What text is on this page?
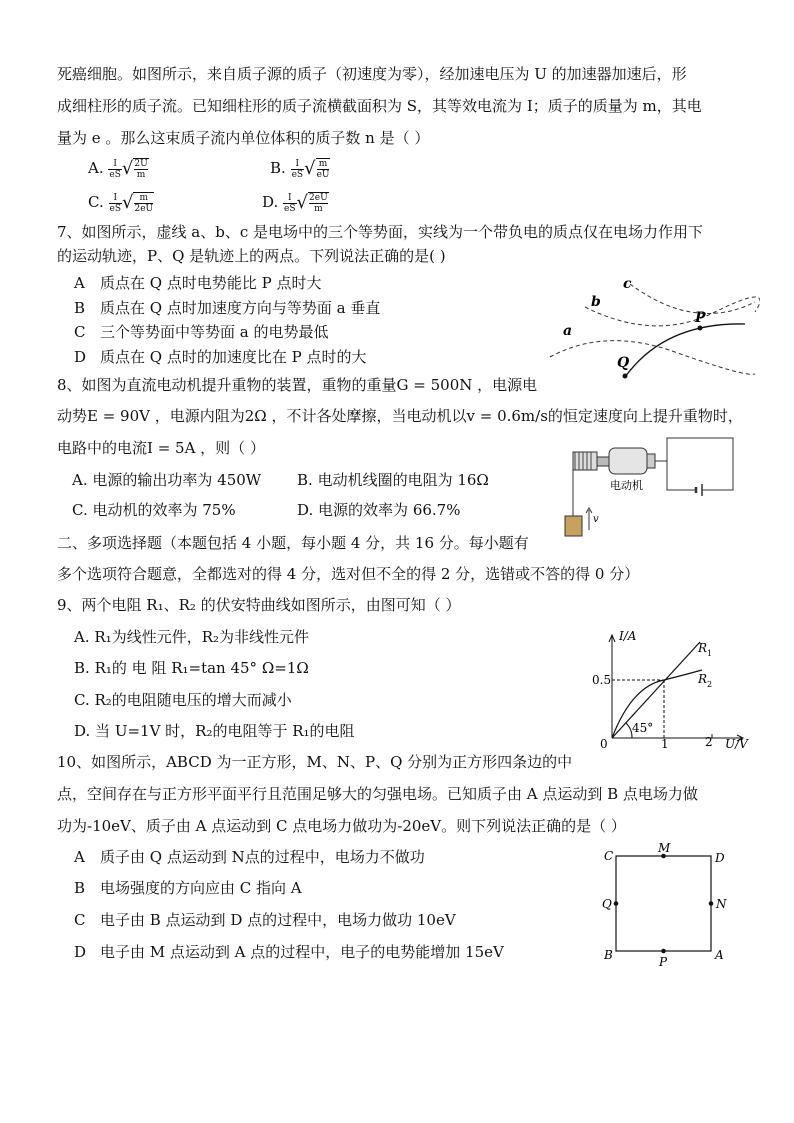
死癌细胞。如图所示，来自质子源的质子（初速度为零），经加速电压为 U 的加速器加速后，形
成细柱形的质子流。已知细柱形的质子流横截面积为 S，其等效电流为 I；质子的质量为 m，其电
量为 e 。那么这束质子流内单位体积的质子数 n 是（ ）
A. $\frac{I}{eS}$ √ $\frac{2U}{m}$	B. $\frac{I}{eS}$ √ $\frac{m}{eU}$
C. $\frac{I}{eS}$ √ $\frac{m}{2eU}$	D. $\frac{I}{eS}$ √ $\frac{2eU}{m}$
7、如图所示，虚线 a、b、c 是电场中的三个等势面，实线为一个带负电的质点仅在电场力作用下
的运动轨迹，P、Q 是轨迹上的两点。下列说法正确的是( )
A 质点在 Q 点时电势能比 P 点时大
B 质点在 Q 点时加速度方向与等势面 a 垂直
C 三个等势面中等势面 a 的电势最低
D 质点在 Q 点时的加速度比在 P 点时的大
a
b
c
P
Q
8、如图为直流电动机提升重物的装置，重物的重量G = 500N ，电源电
动势E = 90V ，电源内阻为2Ω ，不计各处摩擦，当电动机以v = 0.6m/s的恒定速度向上提升重物时，
电路中的电流I = 5A ，则（ ）
A. 电源的输出功率为 450W B. 电动机线圈的电阻为 16Ω
C. 电动机的效率为 75%	D. 电源的效率为 66.7%
电动机
v
二、多项选择题（本题包括 4 小题，每小题 4 分，共 16 分。每小题有
多个选项符合题意，全都选对的得 4 分，选对但不全的得 2 分，选错或不答的得 0 分）
9、两个电阻 R₁、R₂ 的伏安特曲线如图所示，由图可知（ ）
A. R₁为线性元件，R₂为非线性元件
B. R₁的 电 阻 R₁=tan 45° Ω=1Ω
C. R₂的电阻随电压的增大而减小
D. 当 U=1V 时，R₂的电阻等于 R₁的电阻
I/A
U/V
0
0.5
1	2
45°
R 1
R 2
10、如图所示，ABCD 为一正方形，M、N、P、Q 分别为正方形四条边的中
点，空间存在与正方形平面平行且范围足够大的匀强电场。已知质子由 A 点运动到 B 点电场力做
功为-10eV、质子由 A 点运动到 C 点电场力做功为-20eV。则下列说法正确的是（ ）
A 质子由 Q 点运动到 N点的过程中，电场力不做功
B 电场强度的方向应由 C 指向 A
C 电子由 B 点运动到 D 点的过程中，电场力做功 10eV
D 电子由 M 点运动到 A 点的过程中，电子的电势能增加 15eV
C	D
B	A
M
N
P
Q
